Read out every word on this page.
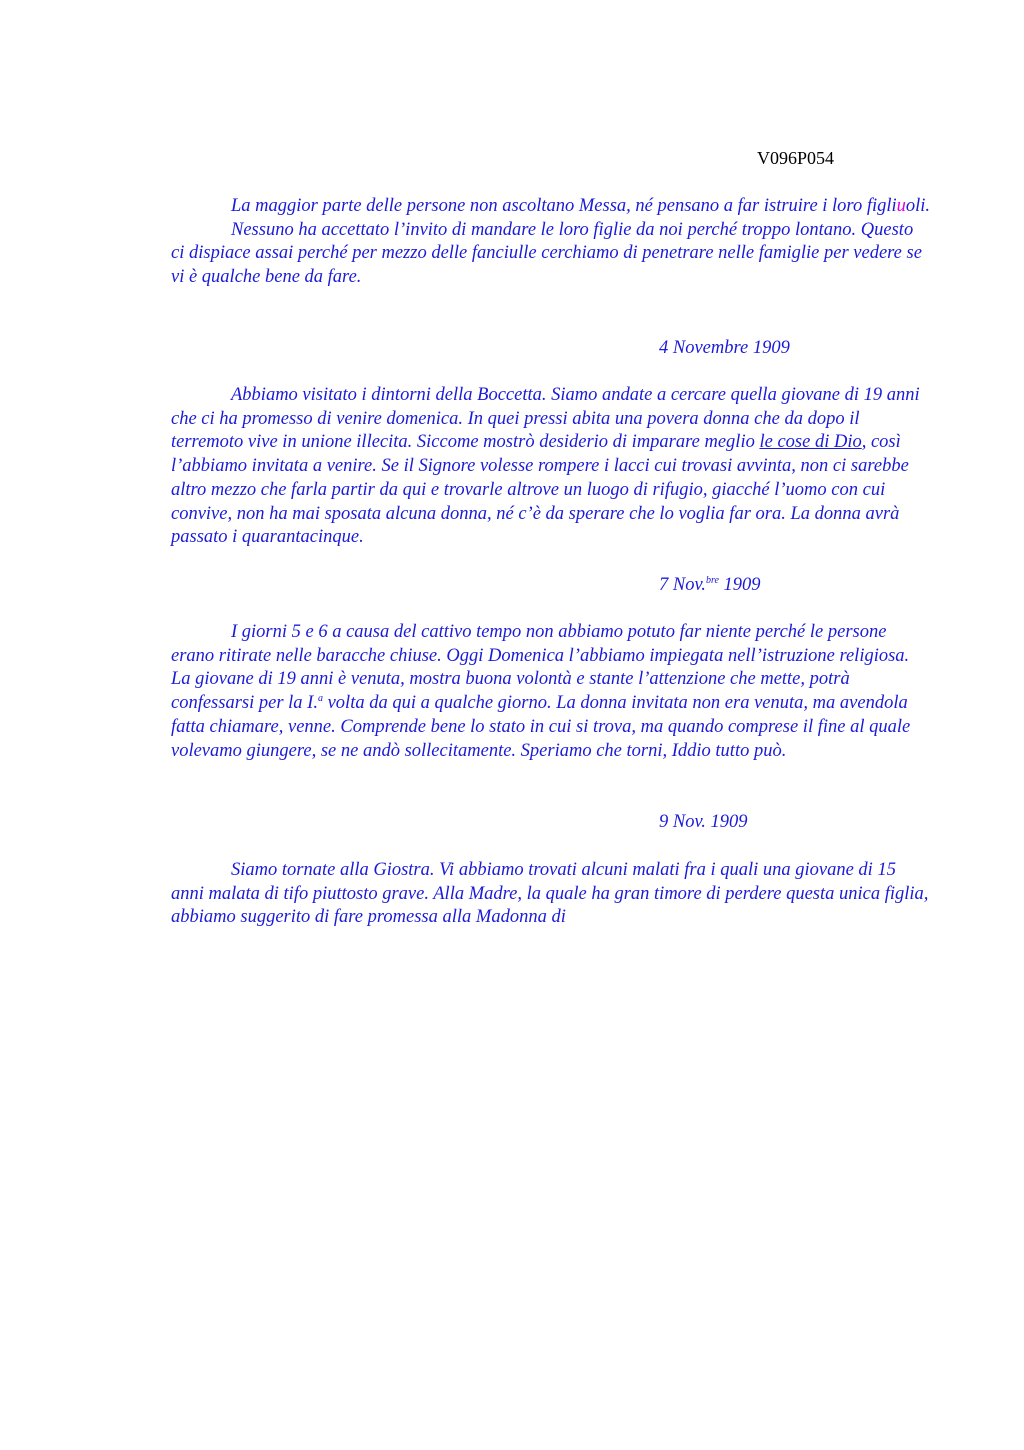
V096P054

La maggior parte delle persone non ascoltano Messa, né pensano a far istruire i loro figliuoli.

Nessuno ha accettato l’invito di mandare le loro figlie da noi perché troppo lontano. Questo ci dispiace assai perché per mezzo delle fanciulle cerchiamo di penetrare nelle famiglie per vedere se vi è qualche bene da fare.

4 Novembre 1909

Abbiamo visitato i dintorni della Boccetta. Siamo andate a cercare quella giovane di 19 anni che ci ha promesso di venire domenica. In quei pressi abita una povera donna che da dopo il terremoto vive in unione illecita. Siccome mostrò desiderio di imparare meglio le cose di Dio, così l’abbiamo invitata a venire. Se il Signore volesse rompere i lacci cui trovasi avvinta, non ci sarebbe altro mezzo che farla partir da qui e trovarle altrove un luogo di rifugio, giacché l’uomo con cui convive, non ha mai sposata alcuna donna, né c’è da sperare che lo voglia far ora. La donna avrà passato i quarantacinque.

7 Nov.$^{bre}$ 1909

I giorni 5 e 6 a causa del cattivo tempo non abbiamo potuto far niente perché le persone erano ritirate nelle baracche chiuse. Oggi Domenica l’abbiamo impiegata nell’istruzione religiosa. La giovane di 19 anni è venuta, mostra buona volontà e stante l’attenzione che mette, potrà confessarsi per la I.$^a$ volta da qui a qualche giorno. La donna invitata non era venuta, ma avendola fatta chiamare, venne. Comprende bene lo stato in cui si trova, ma quando comprese il fine al quale volevamo giungere, se ne andò sollecitamente. Speriamo che torni, Iddio tutto può.

9 Nov. 1909

Siamo tornate alla Giostra. Vi abbiamo trovati alcuni malati fra i quali una giovane di 15 anni malata di tifo piuttosto grave. Alla Madre, la quale ha gran timore di perdere questa unica figlia, abbiamo suggerito di fare promessa alla Madonna di
